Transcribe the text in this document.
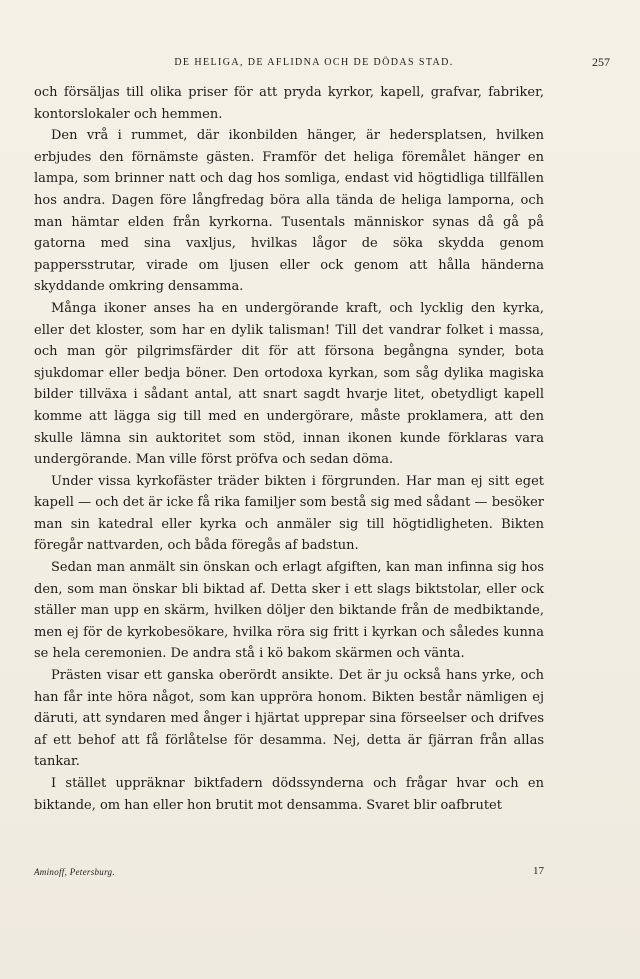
DE HELIGA, DE AFLIDNA OCH DE DÖDAS STAD.	257

och försäljas till olika priser för att pryda kyrkor, kapell, grafvar, fabriker, kontorslokaler och hemmen.

Den vrå i rummet, där ikonbilden hänger, är hedersplatsen, hvilken erbjudes den förnämste gästen. Framför det heliga föremålet hänger en lampa, som brinner natt och dag hos somliga, endast vid högtidliga tillfällen hos andra. Dagen före långfredag böra alla tända de heliga lamporna, och man hämtar elden från kyrkorna. Tusentals människor synas då gå på gatorna med sina vaxljus, hvilkas lågor de söka skydda genom pappersstrutar, virade om ljusen eller ock genom att hålla händerna skyddande omkring densamma.

Många ikoner anses ha en undergörande kraft, och lycklig den kyrka, eller det kloster, som har en dylik talisman! Till det vandrar folket i massa, och man gör pilgrimsfärder dit för att försona begångna synder, bota sjukdomar eller bedja böner. Den ortodoxa kyrkan, som såg dylika magiska bilder tillväxa i sådant antal, att snart sagdt hvarje litet, obetydligt kapell komme att lägga sig till med en undergörare, måste proklamera, att den skulle lämna sin auktoritet som stöd, innan ikonen kunde förklaras vara undergörande. Man ville först pröfva och sedan döma.

Under vissa kyrkofäster träder bikten i förgrunden. Har man ej sitt eget kapell — och det är icke få rika familjer som bestå sig med sådant — besöker man sin katedral eller kyrka och anmäler sig till högtidligheten. Bikten föregår nattvarden, och båda föregås af badstun.

Sedan man anmält sin önskan och erlagt afgiften, kan man infinna sig hos den, som man önskar bli biktad af. Detta sker i ett slags biktstolar, eller ock ställer man upp en skärm, hvilken döljer den biktande från de medbiktande, men ej för de kyrkobesökare, hvilka röra sig fritt i kyrkan och således kunna se hela ceremonien. De andra stå i kö bakom skärmen och vänta.

Prästen visar ett ganska oberördt ansikte. Det är ju också hans yrke, och han får inte höra något, som kan uppröra honom. Bikten består nämligen ej däruti, att syndaren med ånger i hjärtat upprepar sina förseelser och drifves af ett behof att få förlåtelse för desamma. Nej, detta är fjärran från allas tankar.

I stället uppräknar biktfadern dödssynderna och frågar hvar och en biktande, om han eller hon brutit mot densamma. Svaret blir oafbrutet

Aminoff, Petersburg.	17
